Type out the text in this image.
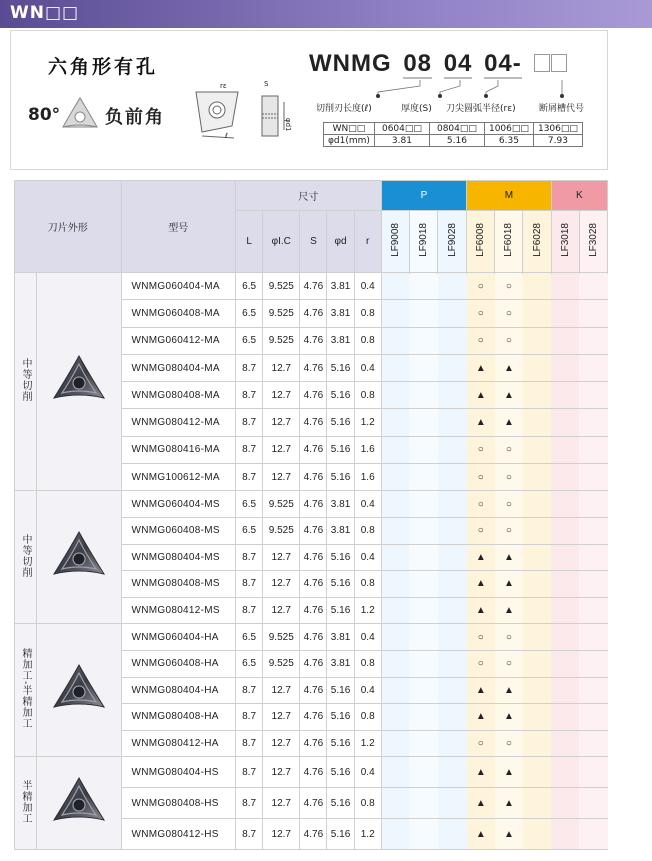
WN□□
六角形有孔
80° 负前角
rε
ℓ
S
φd1
WNMG 08 04 04-
切削刃长度(ℓ)	厚度(S) 刀尖圆弧半径(rε)	断屑槽代号
WN□□	0604□□	0804□□	1006□□	1306□□
φd1(mm)	3.81	5.16	6.35	7.93
刀片外形		型号	尺寸					P			M			K	
			L	φI.C	S	φd	r	LF9008	LF9018	LF9028	LF6008	LF6018	LF6028	LF3018	LF3028

中等切削		WNMG060404-MA	6.5	9.525	4.76	3.81	0.4				○	○			
		WNMG060408-MA	6.5	9.525	4.76	3.81	0.8				○	○			
		WNMG060412-MA	6.5	9.525	4.76	3.81	0.8				○	○			
		WNMG080404-MA	8.7	12.7	4.76	5.16	0.4				▲	▲			
		WNMG080408-MA	8.7	12.7	4.76	5.16	0.8				▲	▲			
		WNMG080412-MA	8.7	12.7	4.76	5.16	1.2				▲	▲			
		WNMG080416-MA	8.7	12.7	4.76	5.16	1.6				○	○			
		WNMG100612-MA	8.7	12.7	4.76	5.16	1.6				○	○			
中等切削		WNMG060404-MS	6.5	9.525	4.76	3.81	0.4				○	○			
		WNMG060408-MS	6.5	9.525	4.76	3.81	0.8				○	○			
		WNMG080404-MS	8.7	12.7	4.76	5.16	0.4				▲	▲			
		WNMG080408-MS	8.7	12.7	4.76	5.16	0.8				▲	▲			
		WNMG080412-MS	8.7	12.7	4.76	5.16	1.2				▲	▲			
精加工-半精加工		WNMG060404-HA	6.5	9.525	4.76	3.81	0.4				○	○			
		WNMG060408-HA	6.5	9.525	4.76	3.81	0.8				○	○			
		WNMG080404-HA	8.7	12.7	4.76	5.16	0.4				▲	▲			
		WNMG080408-HA	8.7	12.7	4.76	5.16	0.8				▲	▲			
		WNMG080412-HA	8.7	12.7	4.76	5.16	1.2				○	○			
半精加工		WNMG080404-HS	8.7	12.7	4.76	5.16	0.4				▲	▲			
		WNMG080408-HS	8.7	12.7	4.76	5.16	0.8				▲	▲			
		WNMG080412-HS	8.7	12.7	4.76	5.16	1.2				▲	▲			
